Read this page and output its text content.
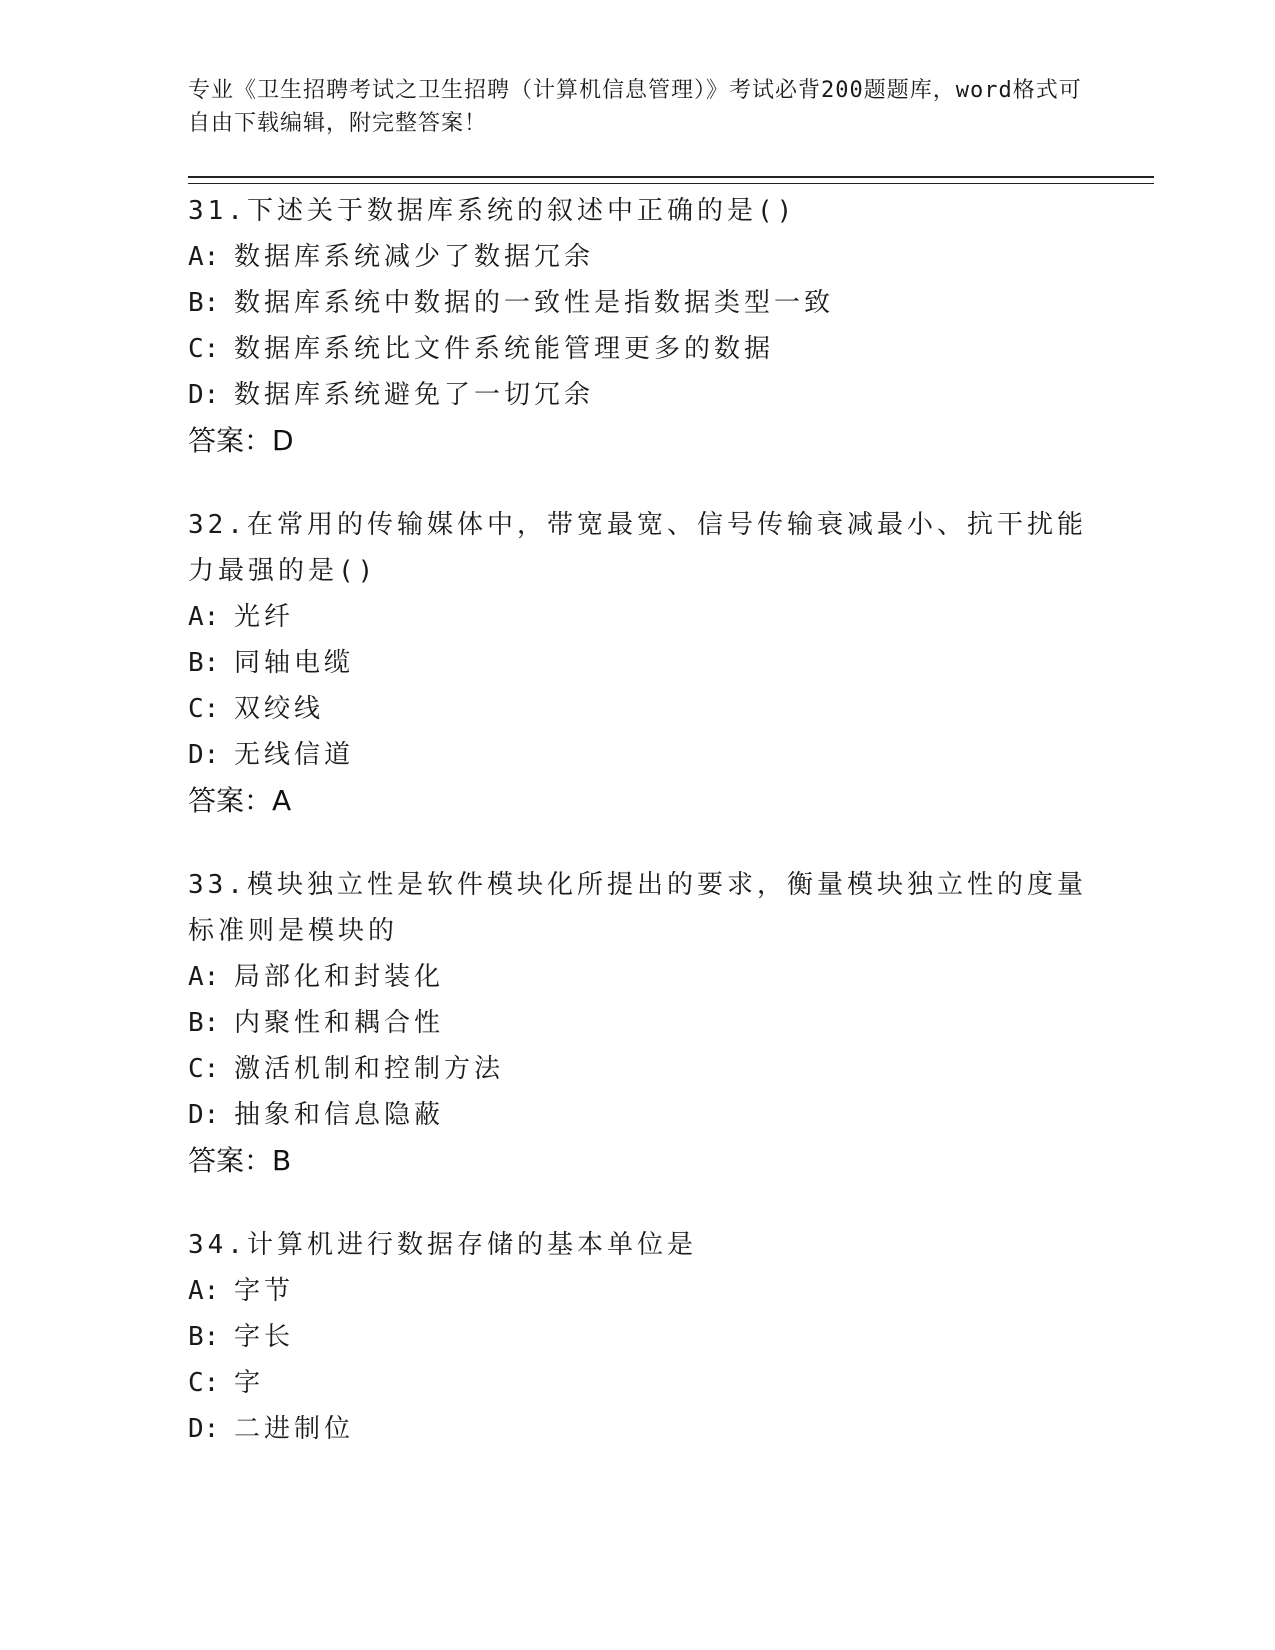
专业《卫生招聘考试之卫生招聘（计算机信息管理）》考试必背200题题库，word格式可自由下载编辑，附完整答案！

31.下述关于数据库系统的叙述中正确的是()

A: 数据库系统减少了数据冗余

B: 数据库系统中数据的一致性是指数据类型一致

C: 数据库系统比文件系统能管理更多的数据

D: 数据库系统避免了一切冗余

答案：D

32.在常用的传输媒体中，带宽最宽、信号传输衰减最小、抗干扰能力最强的是()

A: 光纤

B: 同轴电缆

C: 双绞线

D: 无线信道

答案：A

33.模块独立性是软件模块化所提出的要求，衡量模块独立性的度量标准则是模块的

A: 局部化和封装化

B: 内聚性和耦合性

C: 激活机制和控制方法

D: 抽象和信息隐蔽

答案：B

34.计算机进行数据存储的基本单位是

A: 字节

B: 字长

C: 字

D: 二进制位
